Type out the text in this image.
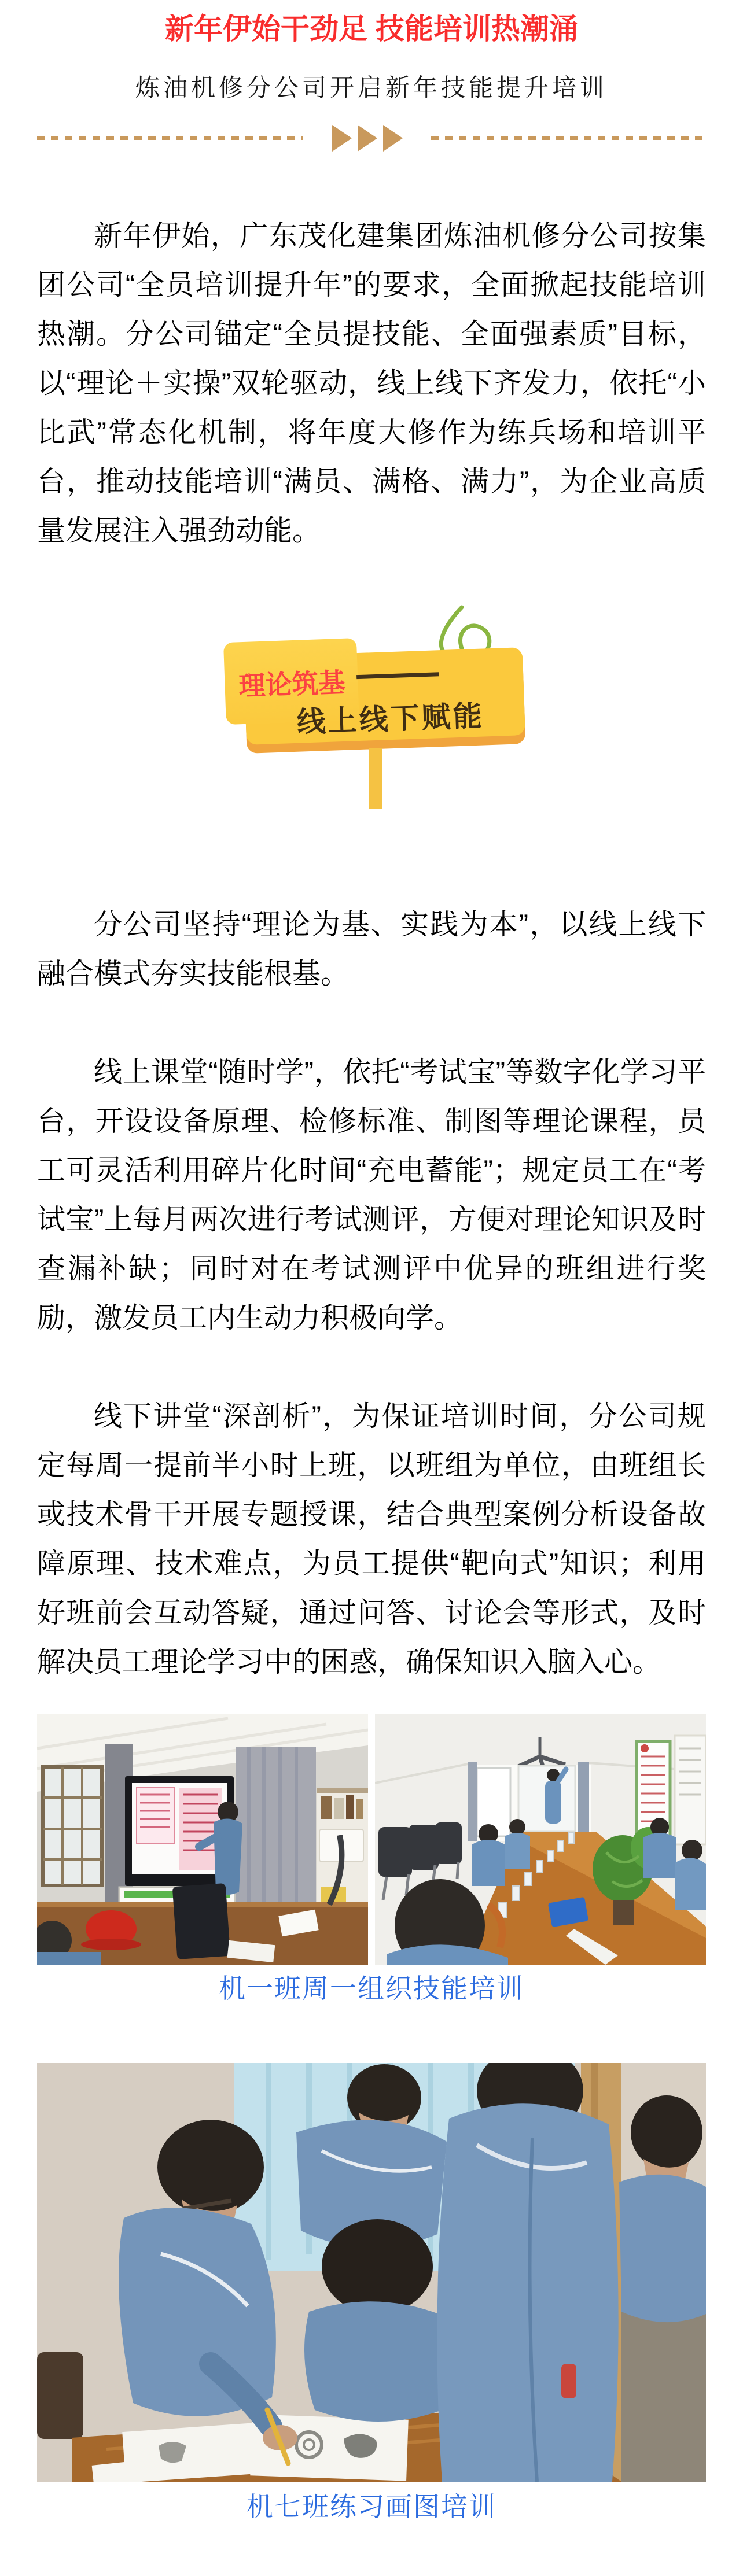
新年伊始干劲足 技能培训热潮涌
炼油机修分公司开启新年技能提升培训

新年伊始，广东茂化建集团炼油机修分公司按集团公司“全员培训提升年”的要求，全面掀起技能培训热潮。分公司锚定“全员提技能、全面强素质”目标，以“理论＋实操”双轮驱动，线上线下齐发力，依托“小比武”常态化机制，将年度大修作为练兵场和培训平台，推动技能培训“满员、满格、满力”，为企业高质量发展注入强劲动能。

理论筑基
线上线下赋能

分公司坚持“理论为基、实践为本”，以线上线下融合模式夯实技能根基。

线上课堂“随时学”，依托“考试宝”等数字化学习平台，开设设备原理、检修标准、制图等理论课程，员工可灵活利用碎片化时间“充电蓄能”；规定员工在“考试宝”上每月两次进行考试测评，方便对理论知识及时查漏补缺；同时对在考试测评中优异的班组进行奖励，激发员工内生动力积极向学。

线下讲堂“深剖析”，为保证培训时间，分公司规定每周一提前半小时上班，以班组为单位，由班组长或技术骨干开展专题授课，结合典型案例分析设备故障原理、技术难点，为员工提供“靶向式”知识；利用好班前会互动答疑，通过问答、讨论会等形式，及时解决员工理论学习中的困惑，确保知识入脑入心。

机一班周一组织技能培训
机七班练习画图培训
